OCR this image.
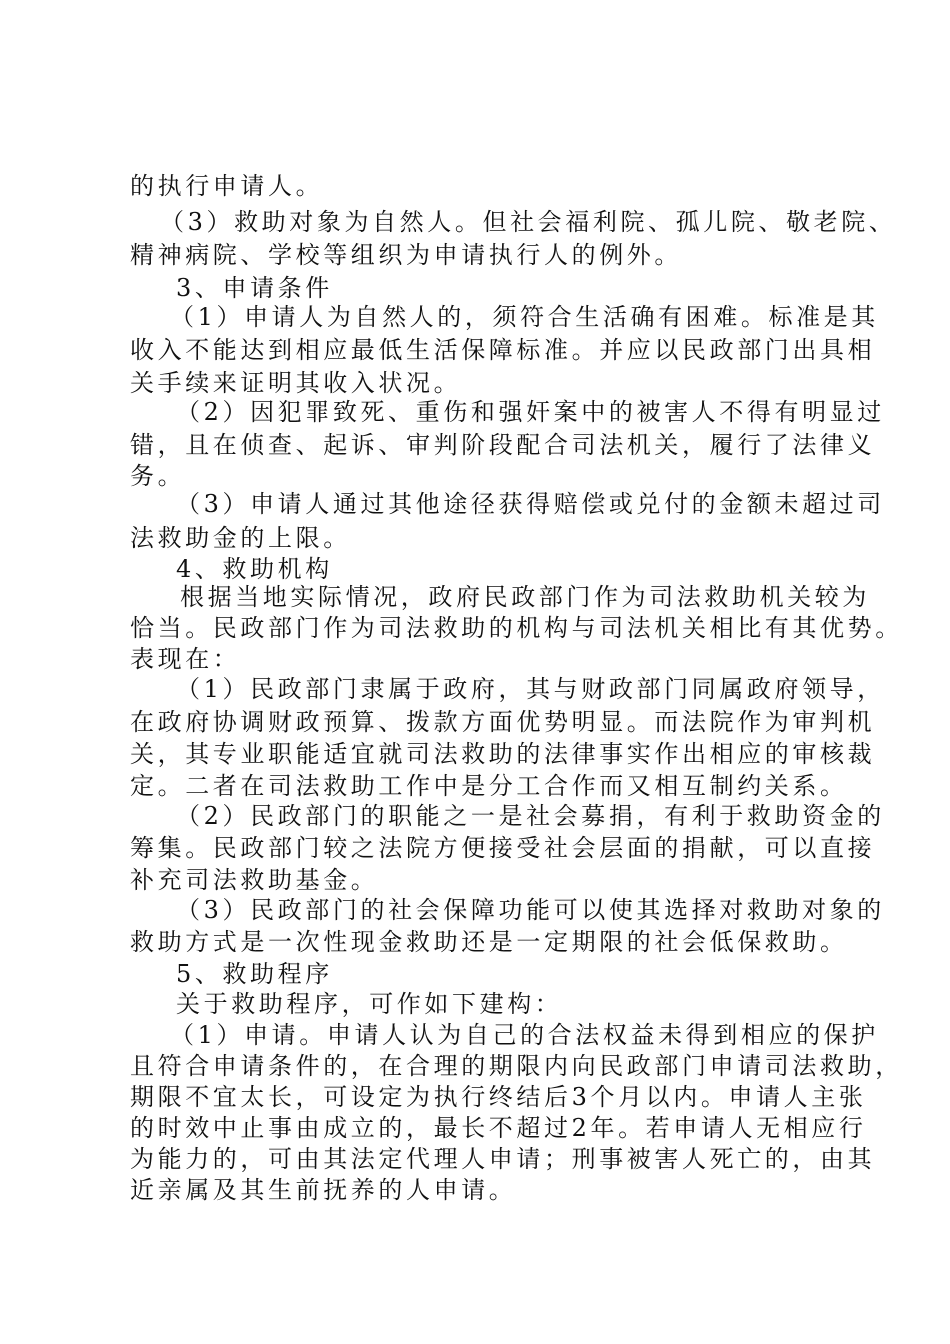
的执行申请人。
（3）救助对象为自然人。但社会福利院、孤儿院、敬老院、
精神病院、学校等组织为申请执行人的例外。
3、申请条件
（1）申请人为自然人的，须符合生活确有困难。标准是其
收入不能达到相应最低生活保障标准。并应以民政部门出具相
关手续来证明其收入状况。
（2）因犯罪致死、重伤和强奸案中的被害人不得有明显过
错，且在侦查、起诉、审判阶段配合司法机关，履行了法律义
务。
（3）申请人通过其他途径获得赔偿或兑付的金额未超过司
法救助金的上限。
4、救助机构
根据当地实际情况，政府民政部门作为司法救助机关较为
恰当。民政部门作为司法救助的机构与司法机关相比有其优势。
表现在：
（1）民政部门隶属于政府，其与财政部门同属政府领导，
在政府协调财政预算、拨款方面优势明显。而法院作为审判机
关，其专业职能适宜就司法救助的法律事实作出相应的审核裁
定。二者在司法救助工作中是分工合作而又相互制约关系。
（2）民政部门的职能之一是社会募捐，有利于救助资金的
筹集。民政部门较之法院方便接受社会层面的捐献，可以直接
补充司法救助基金。
（3）民政部门的社会保障功能可以使其选择对救助对象的
救助方式是一次性现金救助还是一定期限的社会低保救助。
5、救助程序
关于救助程序，可作如下建构：
（1）申请。申请人认为自己的合法权益未得到相应的保护
且符合申请条件的，在合理的期限内向民政部门申请司法救助，
期限不宜太长，可设定为执行终结后3个月以内。申请人主张
的时效中止事由成立的，最长不超过2年。若申请人无相应行
为能力的，可由其法定代理人申请；刑事被害人死亡的，由其
近亲属及其生前抚养的人申请。
